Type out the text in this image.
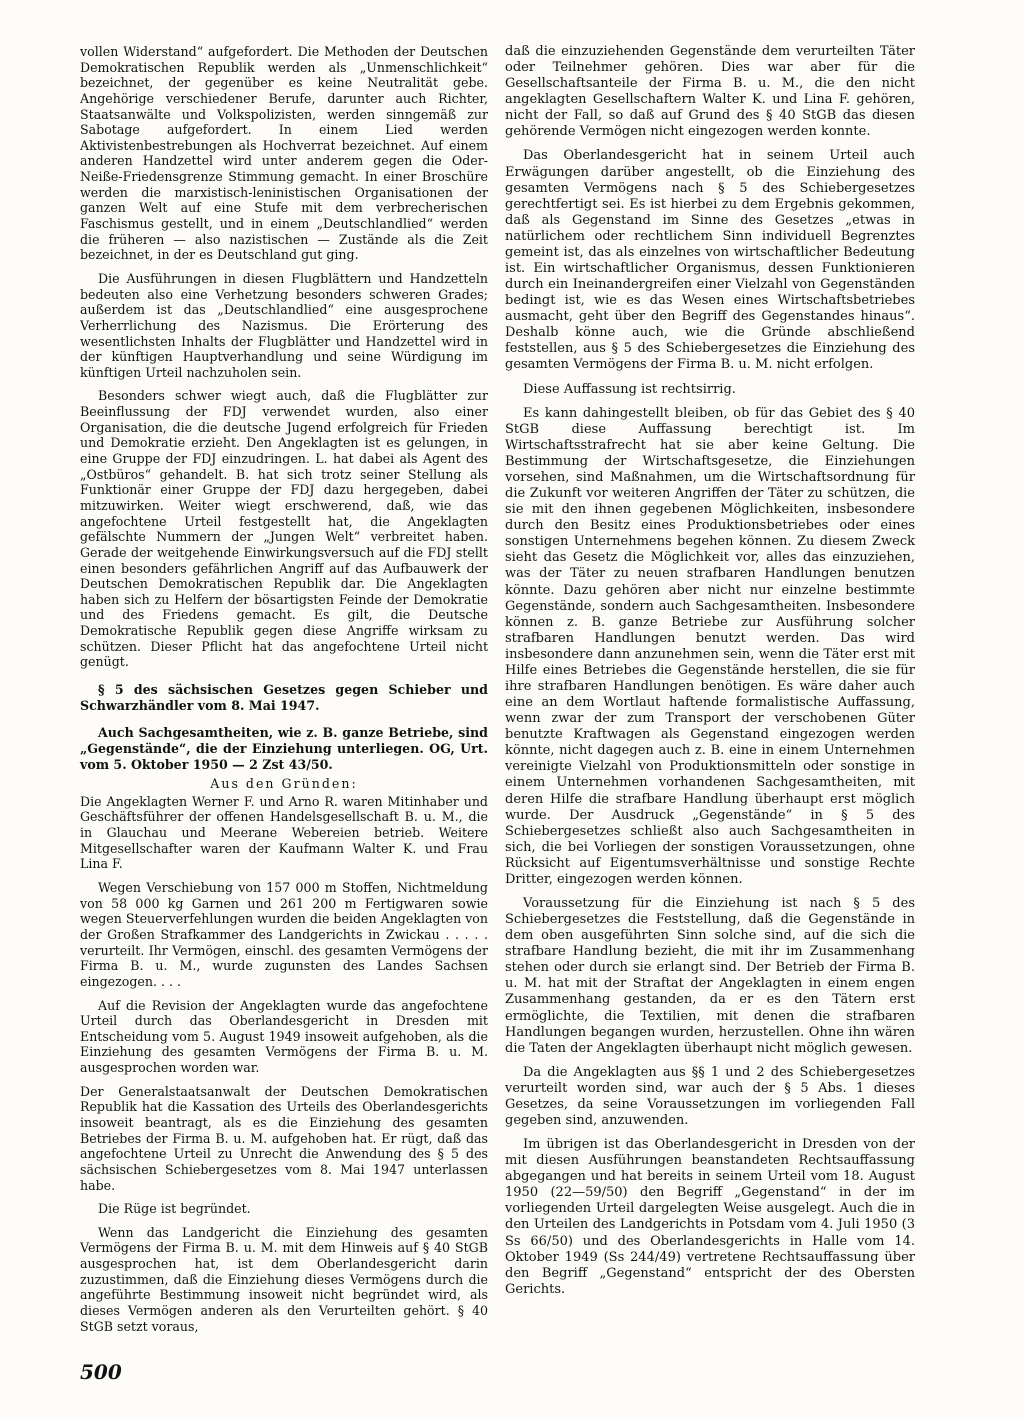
vollen Widerstand“ aufgefordert. Die Methoden der Deutschen Demokratischen Republik werden als „Unmenschlichkeit“ bezeichnet, der gegenüber es keine Neutralität gebe. Angehörige verschiedener Berufe, darunter auch Richter, Staatsanwälte und Volkspolizisten, werden sinngemäß zur Sabotage aufgefordert. In einem Lied werden Aktivistenbestrebungen als Hochverrat bezeichnet. Auf einem anderen Handzettel wird unter anderem gegen die Oder-Neiße-Friedensgrenze Stimmung gemacht. In einer Broschüre werden die marxistisch-leninistischen Organisationen der ganzen Welt auf eine Stufe mit dem verbrecherischen Faschismus gestellt, und in einem „Deutschlandlied“ werden die früheren — also nazistischen — Zustände als die Zeit bezeichnet, in der es Deutschland gut ging.

Die Ausführungen in diesen Flugblättern und Handzetteln bedeuten also eine Verhetzung besonders schweren Grades; außerdem ist das „Deutschlandlied“ eine ausgesprochene Verherrlichung des Nazismus. Die Erörterung des wesentlichsten Inhalts der Flugblätter und Handzettel wird in der künftigen Hauptverhandlung und seine Würdigung im künftigen Urteil nachzuholen sein.

Besonders schwer wiegt auch, daß die Flugblätter zur Beeinflussung der FDJ verwendet wurden, also einer Organisation, die die deutsche Jugend erfolgreich für Frieden und Demokratie erzieht. Den Angeklagten ist es gelungen, in eine Gruppe der FDJ einzudringen. L. hat dabei als Agent des „Ostbüros“ gehandelt. B. hat sich trotz seiner Stellung als Funktionär einer Gruppe der FDJ dazu hergegeben, dabei mitzuwirken. Weiter wiegt erschwerend, daß, wie das angefochtene Urteil festgestellt hat, die Angeklagten gefälschte Nummern der „Jungen Welt“ verbreitet haben. Gerade der weitgehende Einwirkungsversuch auf die FDJ stellt einen besonders gefährlichen Angriff auf das Aufbauwerk der Deutschen Demokratischen Republik dar. Die Angeklagten haben sich zu Helfern der bösartigsten Feinde der Demokratie und des Friedens gemacht. Es gilt, die Deutsche Demokratische Republik gegen diese Angriffe wirksam zu schützen. Dieser Pflicht hat das angefochtene Urteil nicht genügt.

§ 5 des sächsischen Gesetzes gegen Schieber und Schwarzhändler vom 8. Mai 1947.

Auch Sachgesamtheiten, wie z. B. ganze Betriebe, sind „Gegenstände“, die der Einziehung unterliegen. OG, Urt. vom 5. Oktober 1950 — 2 Zst 43/50.

Aus den Gründen:

Die Angeklagten Werner F. und Arno R. waren Mitinhaber und Geschäftsführer der offenen Handelsgesellschaft B. u. M., die in Glauchau und Meerane Webereien betrieb. Weitere Mitgesellschafter waren der Kaufmann Walter K. und Frau Lina F.

Wegen Verschiebung von 157 000 m Stoffen, Nichtmeldung von 58 000 kg Garnen und 261 200 m Fertigwaren sowie wegen Steuerverfehlungen wurden die beiden Angeklagten von der Großen Strafkammer des Landgerichts in Zwickau . . . . . verurteilt. Ihr Vermögen, einschl. des gesamten Vermögens der Firma B. u. M., wurde zugunsten des Landes Sachsen eingezogen. . . .

Auf die Revision der Angeklagten wurde das angefochtene Urteil durch das Oberlandesgericht in Dresden mit Entscheidung vom 5. August 1949 insoweit aufgehoben, als die Einziehung des gesamten Vermögens der Firma B. u. M. ausgesprochen worden war.

Der Generalstaatsanwalt der Deutschen Demokratischen Republik hat die Kassation des Urteils des Oberlandesgerichts insoweit beantragt, als es die Einziehung des gesamten Betriebes der Firma B. u. M. aufgehoben hat. Er rügt, daß das angefochtene Urteil zu Unrecht die Anwendung des § 5 des sächsischen Schiebergesetzes vom 8. Mai 1947 unterlassen habe.

Die Rüge ist begründet.

Wenn das Landgericht die Einziehung des gesamten Vermögens der Firma B. u. M. mit dem Hinweis auf § 40 StGB ausgesprochen hat, ist dem Oberlandesgericht darin zuzustimmen, daß die Einziehung dieses Vermögens durch die angeführte Bestimmung insoweit nicht begründet wird, als dieses Vermögen anderen als den Verurteilten gehört. § 40 StGB setzt voraus,

daß die einzuziehenden Gegenstände dem verurteilten Täter oder Teilnehmer gehören. Dies war aber für die Gesellschaftsanteile der Firma B. u. M., die den nicht angeklagten Gesellschaftern Walter K. und Lina F. gehören, nicht der Fall, so daß auf Grund des § 40 StGB das diesen gehörende Vermögen nicht eingezogen werden konnte.

Das Oberlandesgericht hat in seinem Urteil auch Erwägungen darüber angestellt, ob die Einziehung des gesamten Vermögens nach § 5 des Schiebergesetzes gerechtfertigt sei. Es ist hierbei zu dem Ergebnis gekommen, daß als Gegenstand im Sinne des Gesetzes „etwas in natürlichem oder rechtlichem Sinn individuell Begrenztes gemeint ist, das als einzelnes von wirtschaftlicher Bedeutung ist. Ein wirtschaftlicher Organismus, dessen Funktionieren durch ein Ineinandergreifen einer Vielzahl von Gegenständen bedingt ist, wie es das Wesen eines Wirtschaftsbetriebes ausmacht, geht über den Begriff des Gegenstandes hinaus“. Deshalb könne auch, wie die Gründe abschließend feststellen, aus § 5 des Schiebergesetzes die Einziehung des gesamten Vermögens der Firma B. u. M. nicht erfolgen.

Diese Auffassung ist rechtsirrig.

Es kann dahingestellt bleiben, ob für das Gebiet des § 40 StGB diese Auffassung berechtigt ist. Im Wirtschaftsstrafrecht hat sie aber keine Geltung. Die Bestimmung der Wirtschaftsgesetze, die Einziehungen vorsehen, sind Maßnahmen, um die Wirtschaftsordnung für die Zukunft vor weiteren Angriffen der Täter zu schützen, die sie mit den ihnen gegebenen Möglichkeiten, insbesondere durch den Besitz eines Produktionsbetriebes oder eines sonstigen Unternehmens begehen können. Zu diesem Zweck sieht das Gesetz die Möglichkeit vor, alles das einzuziehen, was der Täter zu neuen strafbaren Handlungen benutzen könnte. Dazu gehören aber nicht nur einzelne bestimmte Gegenstände, sondern auch Sachgesamtheiten. Insbesondere können z. B. ganze Betriebe zur Ausführung solcher strafbaren Handlungen benutzt werden. Das wird insbesondere dann anzunehmen sein, wenn die Täter erst mit Hilfe eines Betriebes die Gegenstände herstellen, die sie für ihre strafbaren Handlungen benötigen. Es wäre daher auch eine an dem Wortlaut haftende formalistische Auffassung, wenn zwar der zum Transport der verschobenen Güter benutzte Kraftwagen als Gegenstand eingezogen werden könnte, nicht dagegen auch z. B. eine in einem Unternehmen vereinigte Vielzahl von Produktionsmitteln oder sonstige in einem Unternehmen vorhandenen Sachgesamtheiten, mit deren Hilfe die strafbare Handlung überhaupt erst möglich wurde. Der Ausdruck „Gegenstände“ in § 5 des Schiebergesetzes schließt also auch Sachgesamtheiten in sich, die bei Vorliegen der sonstigen Voraussetzungen, ohne Rücksicht auf Eigentumsverhältnisse und sonstige Rechte Dritter, eingezogen werden können.

Voraussetzung für die Einziehung ist nach § 5 des Schiebergesetzes die Feststellung, daß die Gegenstände in dem oben ausgeführten Sinn solche sind, auf die sich die strafbare Handlung bezieht, die mit ihr im Zusammenhang stehen oder durch sie erlangt sind. Der Betrieb der Firma B. u. M. hat mit der Straftat der Angeklagten in einem engen Zusammenhang gestanden, da er es den Tätern erst ermöglichte, die Textilien, mit denen die strafbaren Handlungen begangen wurden, herzustellen. Ohne ihn wären die Taten der Angeklagten überhaupt nicht möglich gewesen.

Da die Angeklagten aus §§ 1 und 2 des Schiebergesetzes verurteilt worden sind, war auch der § 5 Abs. 1 dieses Gesetzes, da seine Voraussetzungen im vorliegenden Fall gegeben sind, anzuwenden.

Im übrigen ist das Oberlandesgericht in Dresden von der mit diesen Ausführungen beanstandeten Rechtsauffassung abgegangen und hat bereits in seinem Urteil vom 18. August 1950 (22—59/50) den Begriff „Gegenstand“ in der im vorliegenden Urteil dargelegten Weise ausgelegt. Auch die in den Urteilen des Landgerichts in Potsdam vom 4. Juli 1950 (3 Ss 66/50) und des Oberlandesgerichts in Halle vom 14. Oktober 1949 (Ss 244/49) vertretene Rechtsauffassung über den Begriff „Gegenstand“ entspricht der des Obersten Gerichts.

500
